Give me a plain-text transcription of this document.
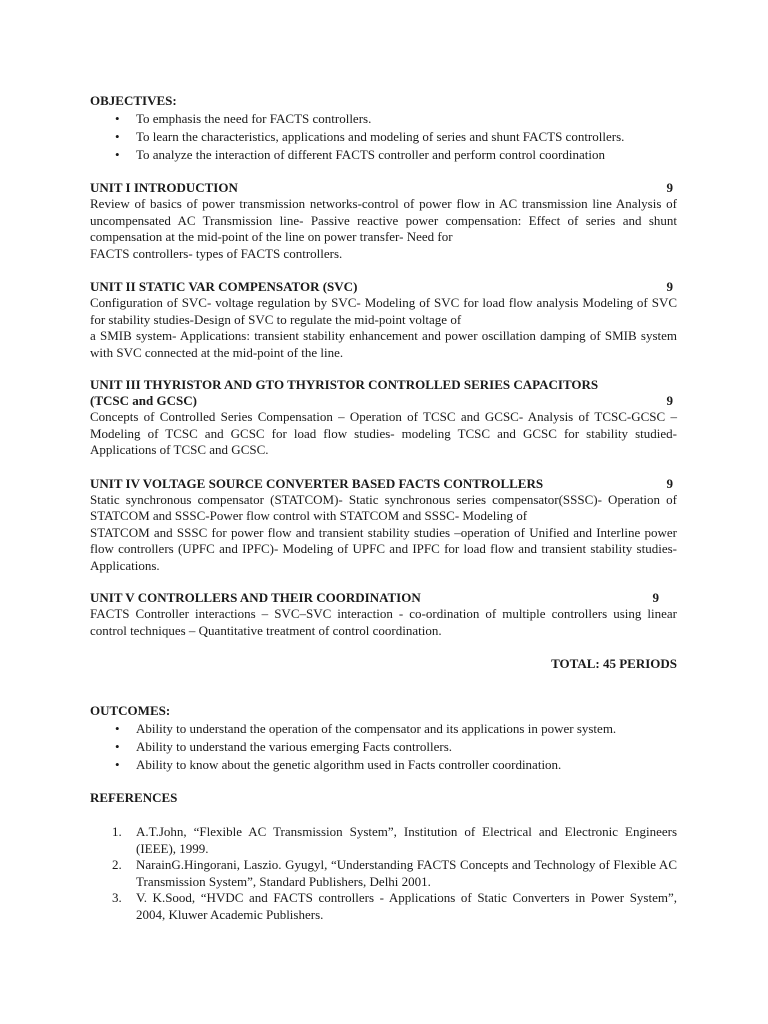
OBJECTIVES:
• To emphasis the need for FACTS controllers.
• To learn the characteristics, applications and modeling of series and shunt FACTS controllers.
• To analyze the interaction of different FACTS controller and perform control coordination
UNIT I INTRODUCTION	9

Review of basics of power transmission networks-control of power flow in AC transmission line Analysis of uncompensated AC Transmission line- Passive reactive power compensation: Effect of series and shunt compensation at the mid-point of the line on power transfer- Need for

FACTS controllers- types of FACTS controllers.

UNIT II STATIC VAR COMPENSATOR (SVC)	9

Configuration of SVC- voltage regulation by SVC- Modeling of SVC for load flow analysis Modeling of SVC for stability studies-Design of SVC to regulate the mid-point voltage of

a SMIB system- Applications: transient stability enhancement and power oscillation damping of SMIB system with SVC connected at the mid-point of the line.

UNIT III THYRISTOR AND GTO THYRISTOR CONTROLLED SERIES CAPACITORS
(TCSC and GCSC)	9

Concepts of Controlled Series Compensation – Operation of TCSC and GCSC- Analysis of TCSC-GCSC – Modeling of TCSC and GCSC for load flow studies- modeling TCSC and GCSC for stability studied- Applications of TCSC and GCSC.

UNIT IV VOLTAGE SOURCE CONVERTER BASED FACTS CONTROLLERS	9

Static synchronous compensator (STATCOM)- Static synchronous series compensator(SSSC)- Operation of STATCOM and SSSC-Power flow control with STATCOM and SSSC- Modeling of

STATCOM and SSSC for power flow and transient stability studies –operation of Unified and Interline power flow controllers (UPFC and IPFC)- Modeling of UPFC and IPFC for load flow and transient stability studies- Applications.

UNIT V CONTROLLERS AND THEIR COORDINATION	9

FACTS Controller interactions – SVC–SVC interaction - co-ordination of multiple controllers using linear control techniques – Quantitative treatment of control coordination.

TOTAL: 45 PERIODS
OUTCOMES:
• Ability to understand the operation of the compensator and its applications in power system.
• Ability to understand the various emerging Facts controllers.
• Ability to know about the genetic algorithm used in Facts controller coordination.
REFERENCES
1. A.T.John, “Flexible AC Transmission System”, Institution of Electrical and Electronic Engineers (IEEE), 1999.
2. NarainG.Hingorani, Laszio. Gyugyl, “Understanding FACTS Concepts and Technology of Flexible AC Transmission System”, Standard Publishers, Delhi 2001.
3. V. K.Sood, “HVDC and FACTS controllers - Applications of Static Converters in Power System”, 2004, Kluwer Academic Publishers.
